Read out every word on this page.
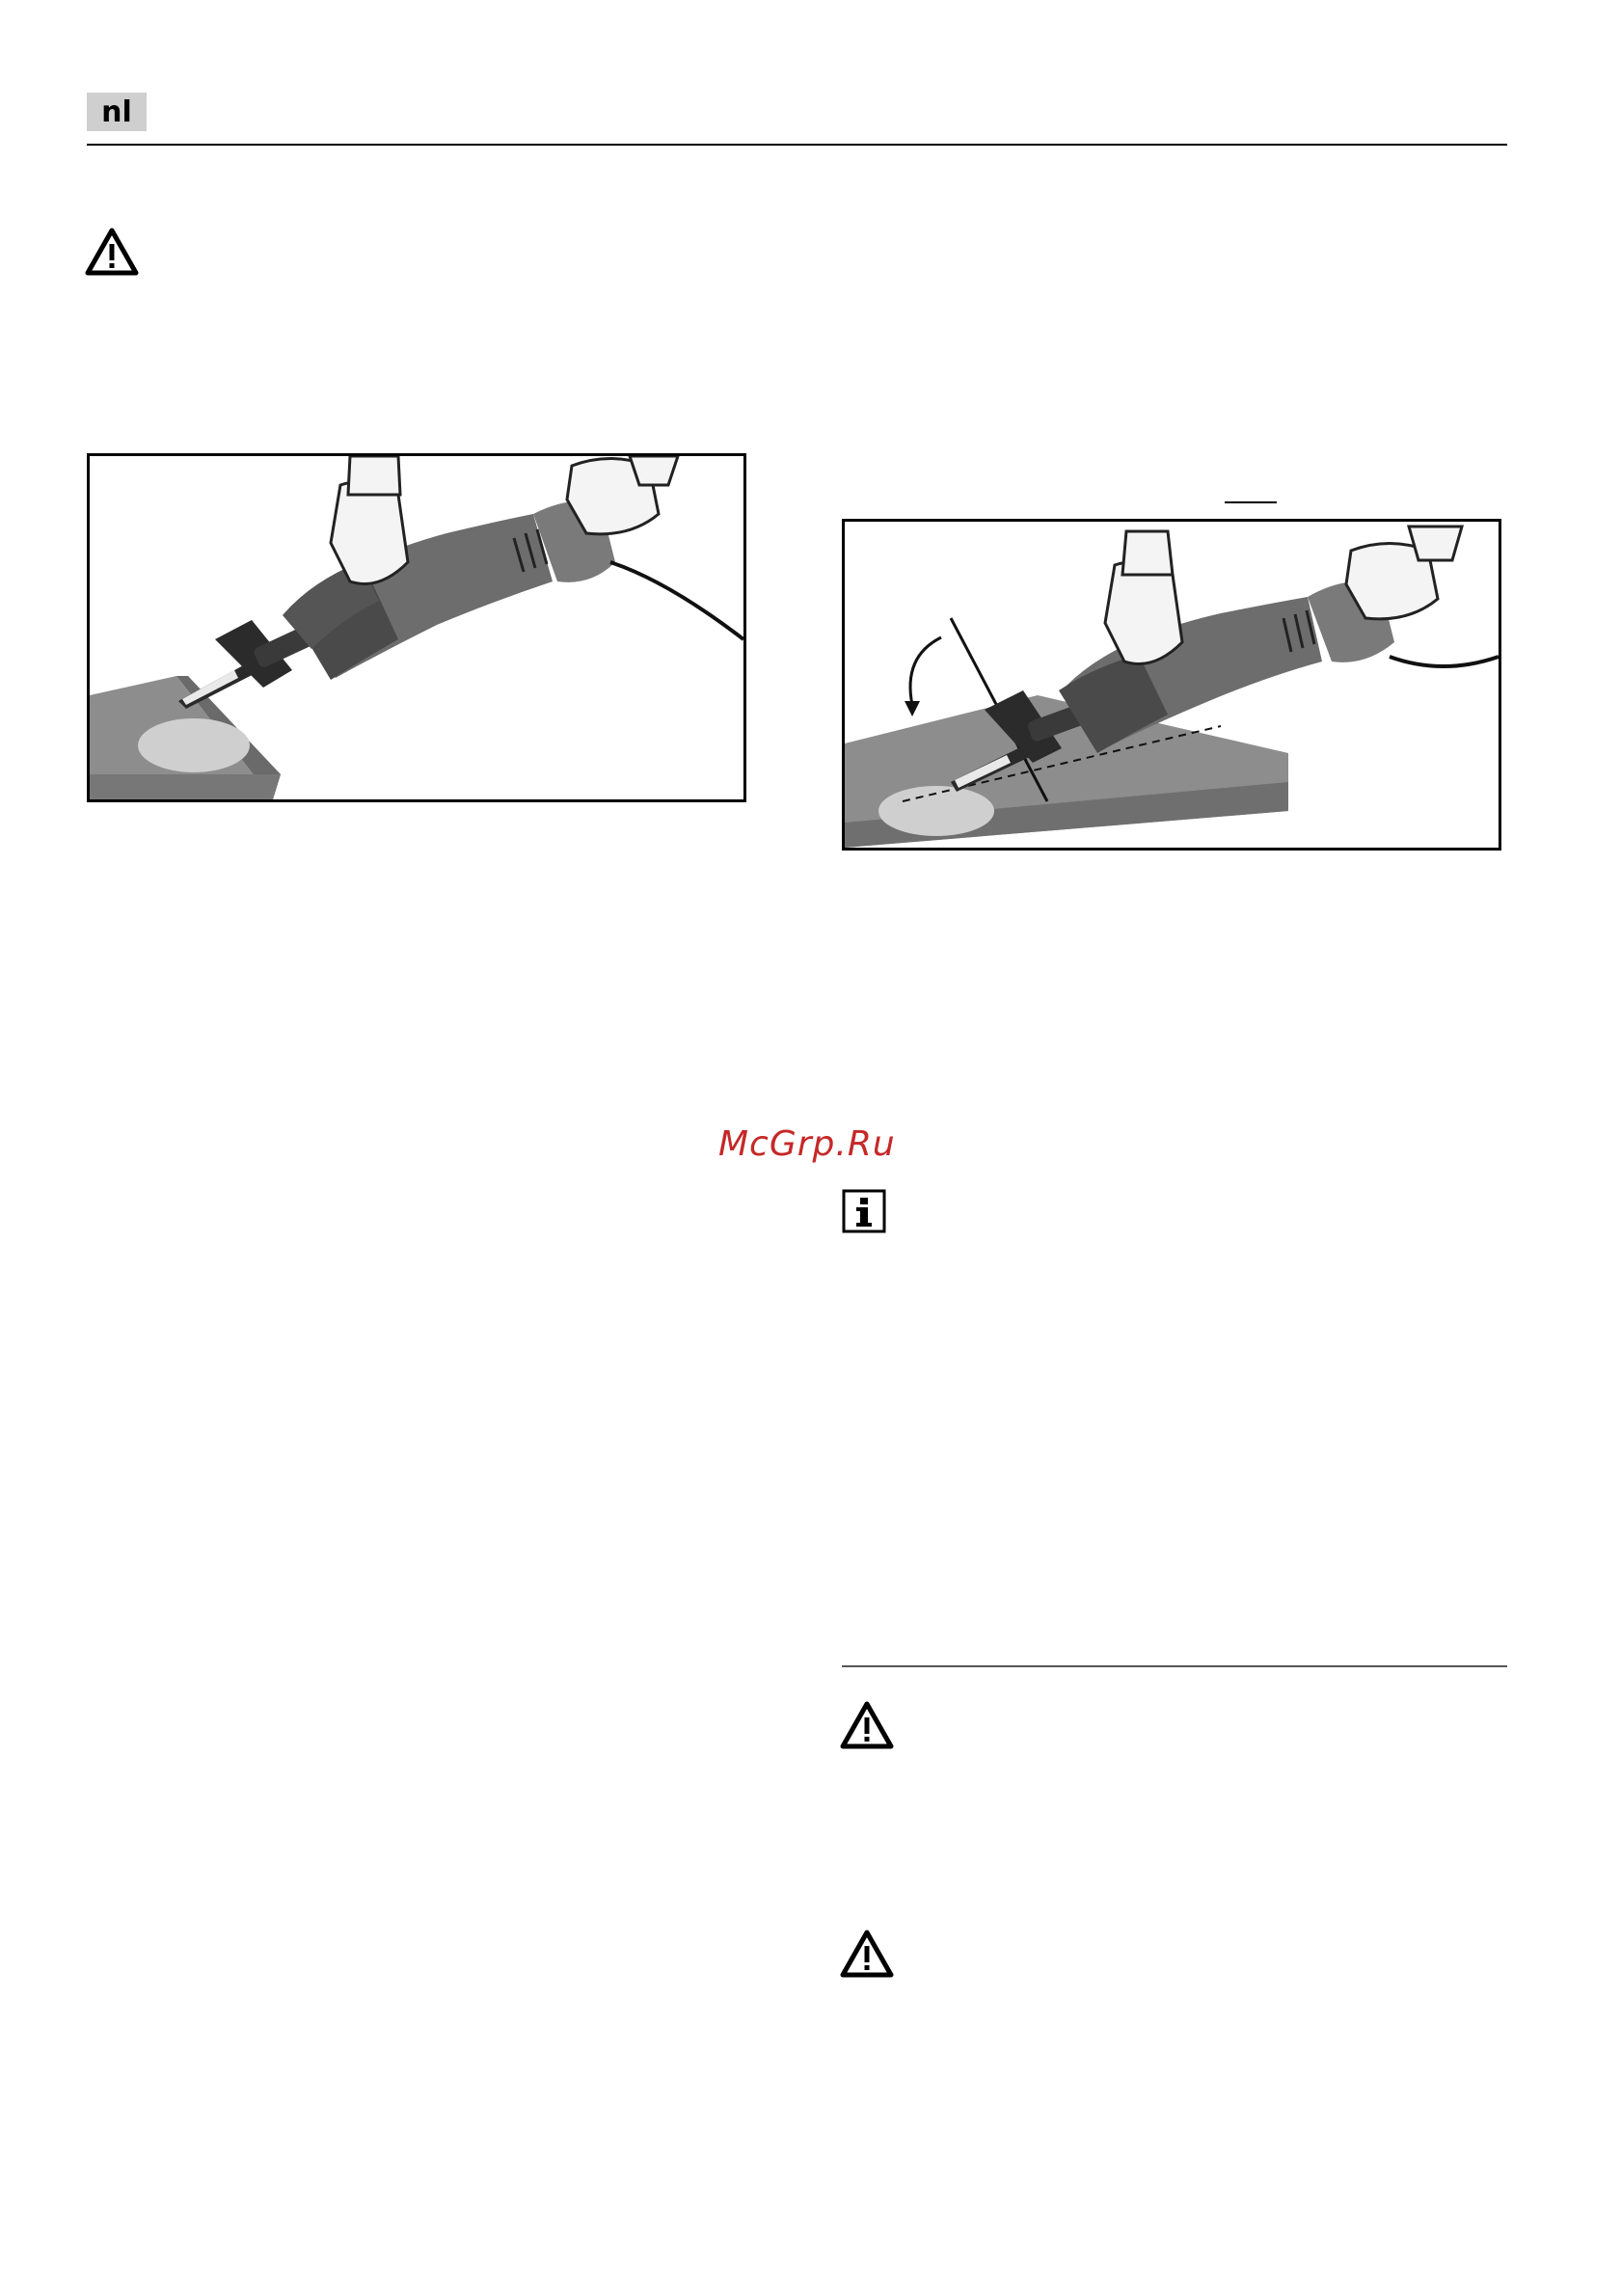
nl
McGrp.Ru
